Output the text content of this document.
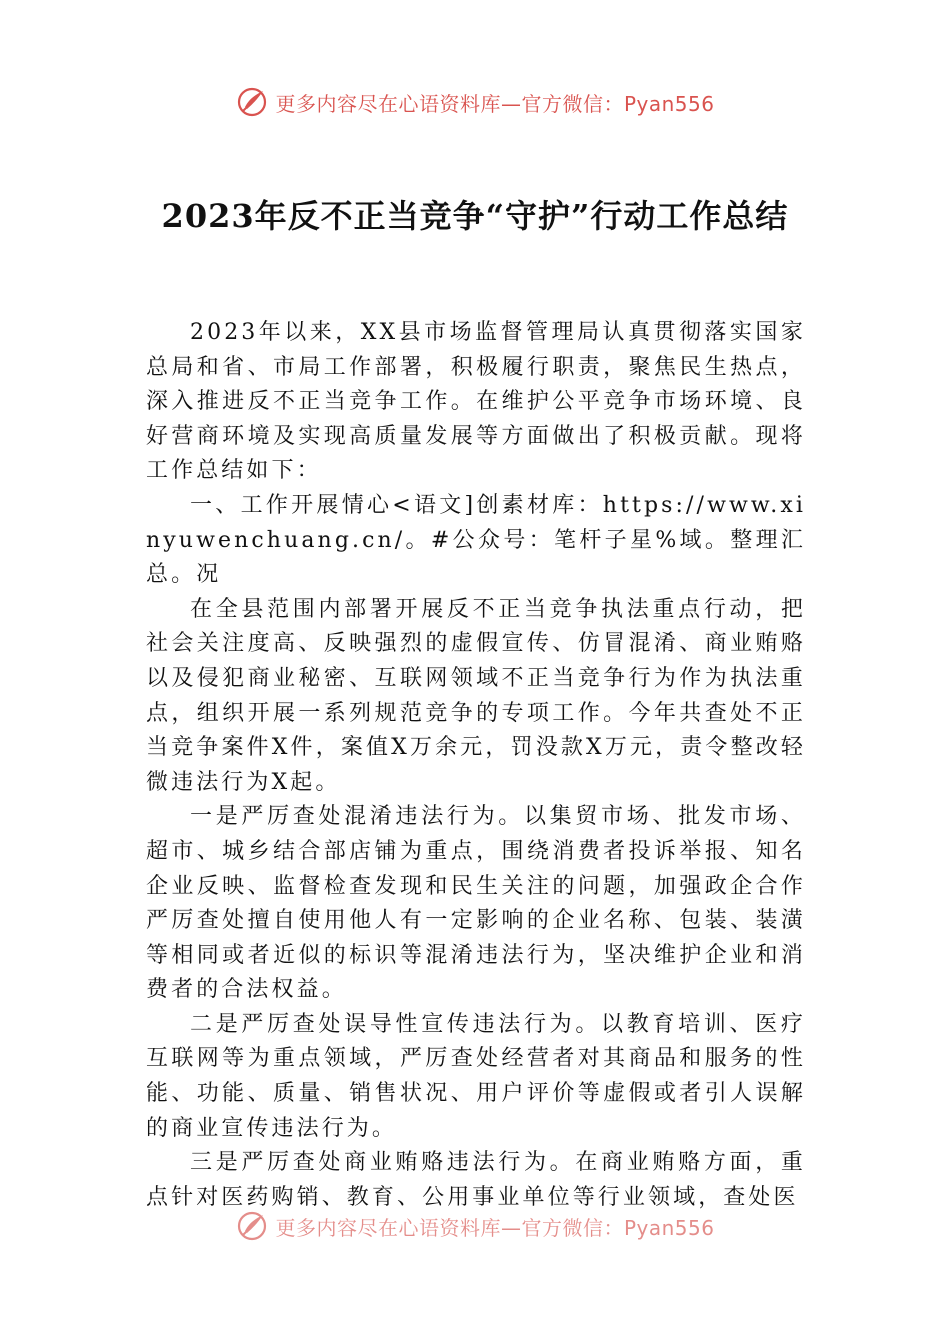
更多内容尽在心语资料库—官方微信：Pyan556
2023年反不正当竞争“守护”行动工作总结

2023年以来，XX县市场监督管理局认真贯彻落实国家总局和省、市局工作部署，积极履行职责，聚焦民生热点，深入推进反不正当竞争工作。在维护公平竞争市场环境、良好营商环境及实现高质量发展等方面做出了积极贡献。现将工作总结如下：

一、工作开展情心<语文]创素材库：https://www.xinyuwenchuang.cn/。#公众号：笔杆子星%域。整理汇总。况

在全县范围内部署开展反不正当竞争执法重点行动，把社会关注度高、反映强烈的虚假宣传、仿冒混淆、商业贿赂以及侵犯商业秘密、互联网领域不正当竞争行为作为执法重点，组织开展一系列规范竞争的专项工作。今年共查处不正当竞争案件X件，案值X万余元，罚没款X万元，责令整改轻微违法行为X起。

一是严厉查处混淆违法行为。以集贸市场、批发市场、超市、城乡结合部店铺为重点，围绕消费者投诉举报、知名企业反映、监督检查发现和民生关注的问题，加强政企合作严厉查处擅自使用他人有一定影响的企业名称、包装、装潢等相同或者近似的标识等混淆违法行为，坚决维护企业和消费者的合法权益。

二是严厉查处误导性宣传违法行为。以教育培训、医疗互联网等为重点领域，严厉查处经营者对其商品和服务的性能、功能、质量、销售状况、用户评价等虚假或者引人误解的商业宣传违法行为。

三是严厉查处商业贿赂违法行为。在商业贿赂方面，重点针对医药购销、教育、公用事业单位等行业领域，查处医

更多内容尽在心语资料库—官方微信：Pyan556
